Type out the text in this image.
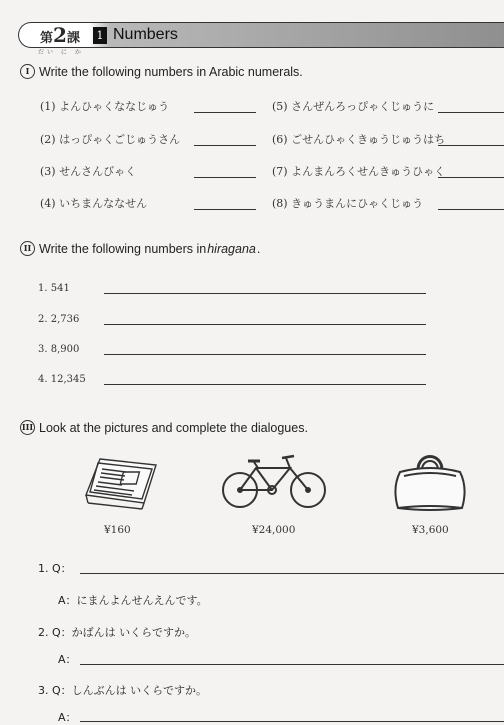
第2課
だい に か
1 Numbers
I Write the following numbers in Arabic numerals.
(1) よんひゃくななじゅう
(2) はっぴゃくごじゅうさん
(3) せんさんびゃく
(4) いちまんななせん
(5) さんぜんろっぴゃくじゅうに
(6) ごせんひゃくきゅうじゅうはち
(7) よんまんろくせんきゅうひゃく
(8) きゅうまんにひゃくじゅう
II Write the following numbers in hiragana .
1. 541
2. 2,736
3. 8,900
4. 12,345
III Look at the pictures and complete the dialogues.
¥160	¥24,000	¥3,600
1. Q：
A：にまんよんせんえんです。
2. Q：かばんは いくらですか。
A：
3. Q：しんぶんは いくらですか。
A：
